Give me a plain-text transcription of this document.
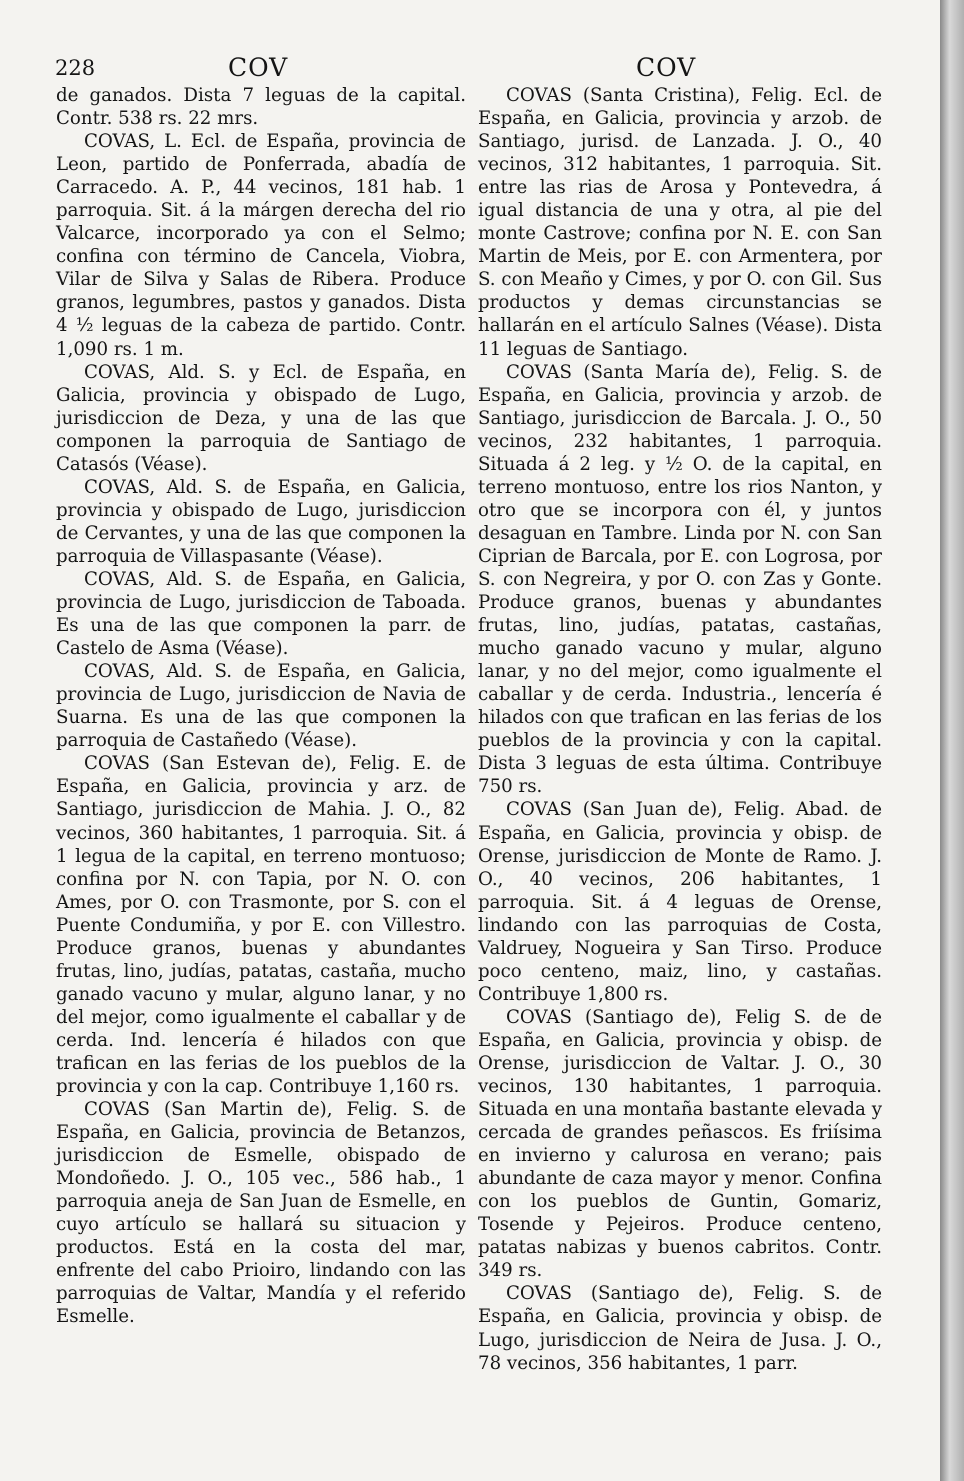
228	COV	COV

de ganados. Dista 7 leguas de la capital. Contr. 538 rs. 22 mrs.

COVAS, L. Ecl. de España, provincia de Leon, partido de Ponferrada, abadía de Carracedo. A. P., 44 vecinos, 181 hab. 1 parroquia. Sit. á la márgen derecha del rio Valcarce, incorporado ya con el Selmo; confina con término de Cancela, Viobra, Vilar de Silva y Salas de Ribera. Produce granos, legumbres, pastos y ganados. Dista 4 ½ leguas de la cabeza de partido. Contr. 1,090 rs. 1 m.

COVAS, Ald. S. y Ecl. de España, en Galicia, provincia y obispado de Lugo, jurisdiccion de Deza, y una de las que componen la parroquia de Santiago de Catasós (Véase).

COVAS, Ald. S. de España, en Galicia, provincia y obispado de Lugo, jurisdiccion de Cervantes, y una de las que componen la parroquia de Villaspasante (Véase).

COVAS, Ald. S. de España, en Galicia, provincia de Lugo, jurisdiccion de Taboada. Es una de las que componen la parr. de Castelo de Asma (Véase).

COVAS, Ald. S. de España, en Galicia, provincia de Lugo, jurisdiccion de Navia de Suarna. Es una de las que componen la parroquia de Castañedo (Véase).

COVAS (San Estevan de), Felig. E. de España, en Galicia, provincia y arz. de Santiago, jurisdiccion de Mahia. J. O., 82 vecinos, 360 habitantes, 1 parroquia. Sit. á 1 legua de la capital, en terreno montuoso; confina por N. con Tapia, por N. O. con Ames, por O. con Trasmonte, por S. con el Puente Condumiña, y por E. con Villestro. Produce granos, buenas y abundantes frutas, lino, judías, patatas, castaña, mucho ganado vacuno y mular, alguno lanar, y no del mejor, como igualmente el caballar y de cerda. Ind. lencería é hilados con que trafican en las ferias de los pueblos de la provincia y con la cap. Contribuye 1,160 rs.

COVAS (San Martin de), Felig. S. de España, en Galicia, provincia de Betanzos, jurisdiccion de Esmelle, obispado de Mondoñedo. J. O., 105 vec., 586 hab., 1 parroquia aneja de San Juan de Esmelle, en cuyo artículo se hallará su situacion y productos. Está en la costa del mar, enfrente del cabo Prioiro, lindando con las parroquias de Valtar, Mandía y el referido Esmelle.

COVAS (Santa Cristina), Felig. Ecl. de España, en Galicia, provincia y arzob. de Santiago, jurisd. de Lanzada. J. O., 40 vecinos, 312 habitantes, 1 parroquia. Sit. entre las rias de Arosa y Pontevedra, á igual distancia de una y otra, al pie del monte Castrove; confina por N. E. con San Martin de Meis, por E. con Armentera, por S. con Meaño y Cimes, y por O. con Gil. Sus productos y demas circunstancias se hallarán en el artículo Salnes (Véase). Dista 11 leguas de Santiago.

COVAS (Santa María de), Felig. S. de España, en Galicia, provincia y arzob. de Santiago, jurisdiccion de Barcala. J. O., 50 vecinos, 232 habitantes, 1 parroquia. Situada á 2 leg. y ½ O. de la capital, en terreno montuoso, entre los rios Nanton, y otro que se incorpora con él, y juntos desaguan en Tambre. Linda por N. con San Ciprian de Barcala, por E. con Logrosa, por S. con Negreira, y por O. con Zas y Gonte. Produce granos, buenas y abundantes frutas, lino, judías, patatas, castañas, mucho ganado vacuno y mular, alguno lanar, y no del mejor, como igualmente el caballar y de cerda. Industria., lencería é hilados con que trafican en las ferias de los pueblos de la provincia y con la capital. Dista 3 leguas de esta última. Contribuye 750 rs.

COVAS (San Juan de), Felig. Abad. de España, en Galicia, provincia y obisp. de Orense, jurisdiccion de Monte de Ramo. J. O., 40 vecinos, 206 habitantes, 1 parroquia. Sit. á 4 leguas de Orense, lindando con las parroquias de Costa, Valdruey, Nogueira y San Tirso. Produce poco centeno, maiz, lino, y castañas. Contribuye 1,800 rs.

COVAS (Santiago de), Felig S. de de España, en Galicia, provincia y obisp. de Orense, jurisdiccion de Valtar. J. O., 30 vecinos, 130 habitantes, 1 parroquia. Situada en una montaña bastante elevada y cercada de grandes peñascos. Es friísima en invierno y calurosa en verano; pais abundante de caza mayor y menor. Confina con los pueblos de Guntin, Gomariz, Tosende y Pejeiros. Produce centeno, patatas nabizas y buenos cabritos. Contr. 349 rs.

COVAS (Santiago de), Felig. S. de España, en Galicia, provincia y obisp. de Lugo, jurisdiccion de Neira de Jusa. J. O., 78 vecinos, 356 habitantes, 1 parr.
